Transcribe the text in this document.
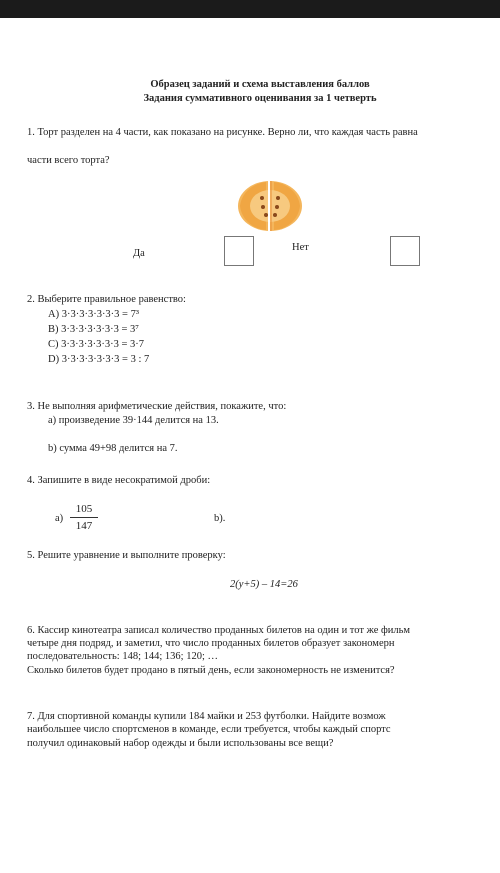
Образец заданий и схема выставления баллов
Задания суммативного оценивания за 1 четверть
1. Торт разделен на 4 части, как показано на рисунке. Верно ли, что каждая часть равна
части всего торта?
Да
Нет
2. Выберите правильное равенство:
A) 3·3·3·3·3·3·3 = 7³
B) 3·3·3·3·3·3·3 = 3⁷
C) 3·3·3·3·3·3·3 = 3·7
D) 3·3·3·3·3·3·3 = 3 : 7
3. Не выполняя арифметические действия, покажите, что:
а) произведение 39·144 делится на 13.
b) сумма 49+98 делится на 7.
4. Запишите в виде несократимой дроби:
а)
105
147
b).
5. Решите уравнение и выполните проверку:
2(y+5) – 14=26
6. Кассир кинотеатра записал количество проданных билетов на один и тот же фильм
четыре дня подряд, и заметил, что число проданных билетов образует закономерн
последовательность: 148; 144; 136; 120; …
Сколько билетов будет продано в пятый день, если закономерность не изменится?
7. Для спортивной команды купили 184 майки и 253 футболки. Найдите возмож
наибольшее число спортсменов в команде, если требуется, чтобы каждый спортс
получил одинаковый набор одежды и были использованы все вещи?
